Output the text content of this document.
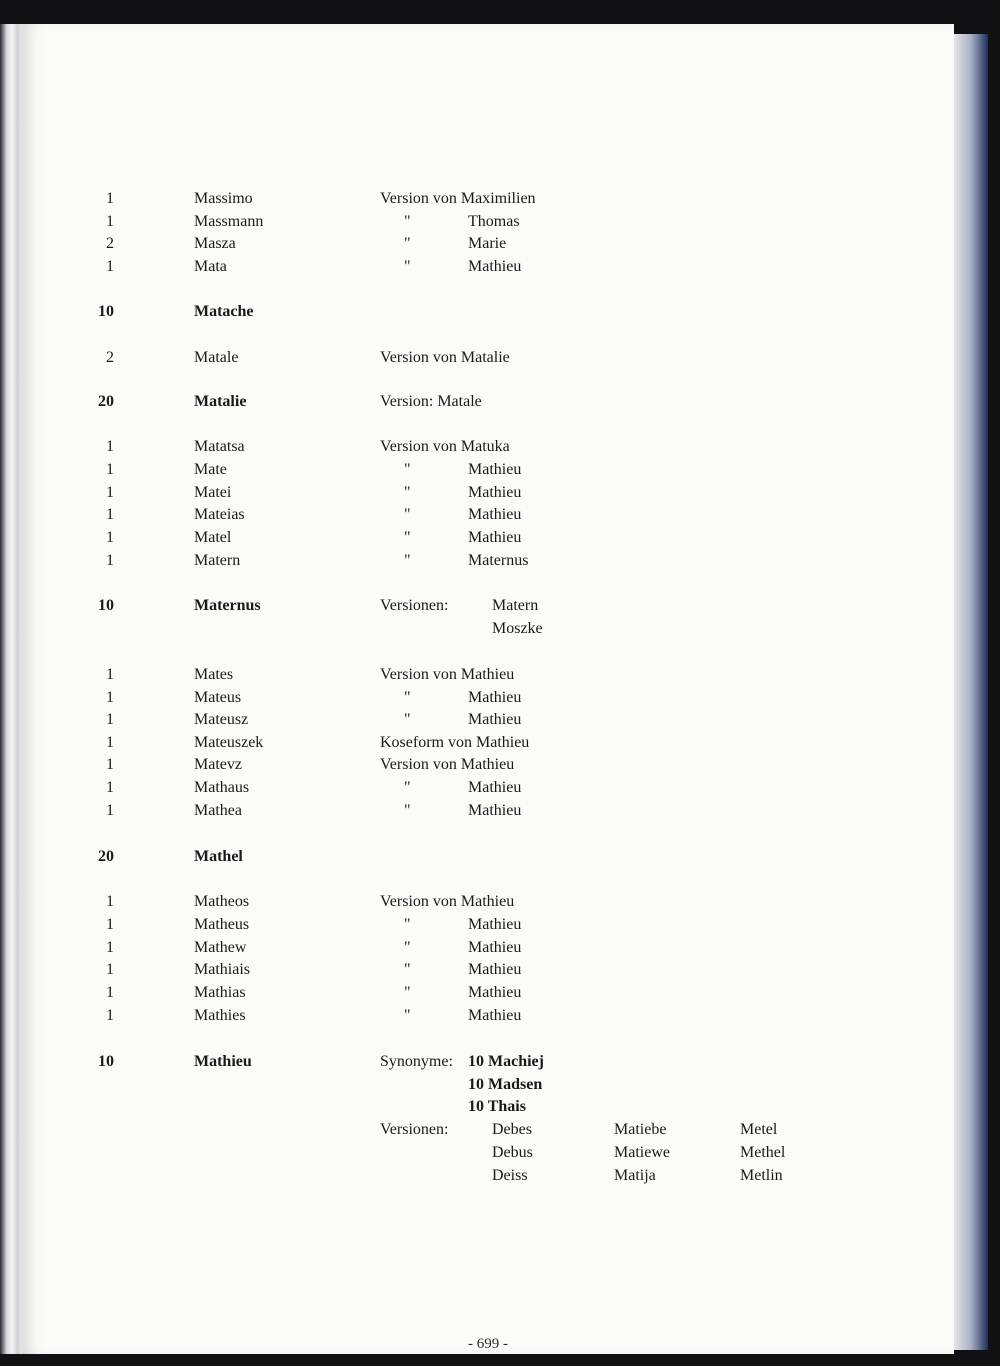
1	Massimo	Version von Maximilien
1	Massmann	"	Thomas
2	Masza	"	Marie
1	Mata	"	Mathieu
10	Matache
2	Matale	Version von Matalie
20	Matalie	Version: Matale
1	Matatsa	Version von Matuka
1	Mate	"	Mathieu
1	Matei	"	Mathieu
1	Mateias	"	Mathieu
1	Matel	"	Mathieu
1	Matern	"	Maternus
10	Maternus	Versionen:	Matern
Moszke
1	Mates	Version von Mathieu
1	Mateus	"	Mathieu
1	Mateusz	"	Mathieu
1	Mateuszek	Koseform von Mathieu
1	Matevz	Version von Mathieu
1	Mathaus	"	Mathieu
1	Mathea	"	Mathieu
20	Mathel
1	Matheos	Version von Mathieu
1	Matheus	"	Mathieu
1	Mathew	"	Mathieu
1	Mathiais	"	Mathieu
1	Mathias	"	Mathieu
1	Mathies	"	Mathieu
10	Mathieu	Synonyme: 10 Machiej
10 Madsen
10 Thais
Versionen:	Debes	Matiebe	Metel
Debus	Matiewe	Methel
Deiss	Matija	Metlin
- 699 -
